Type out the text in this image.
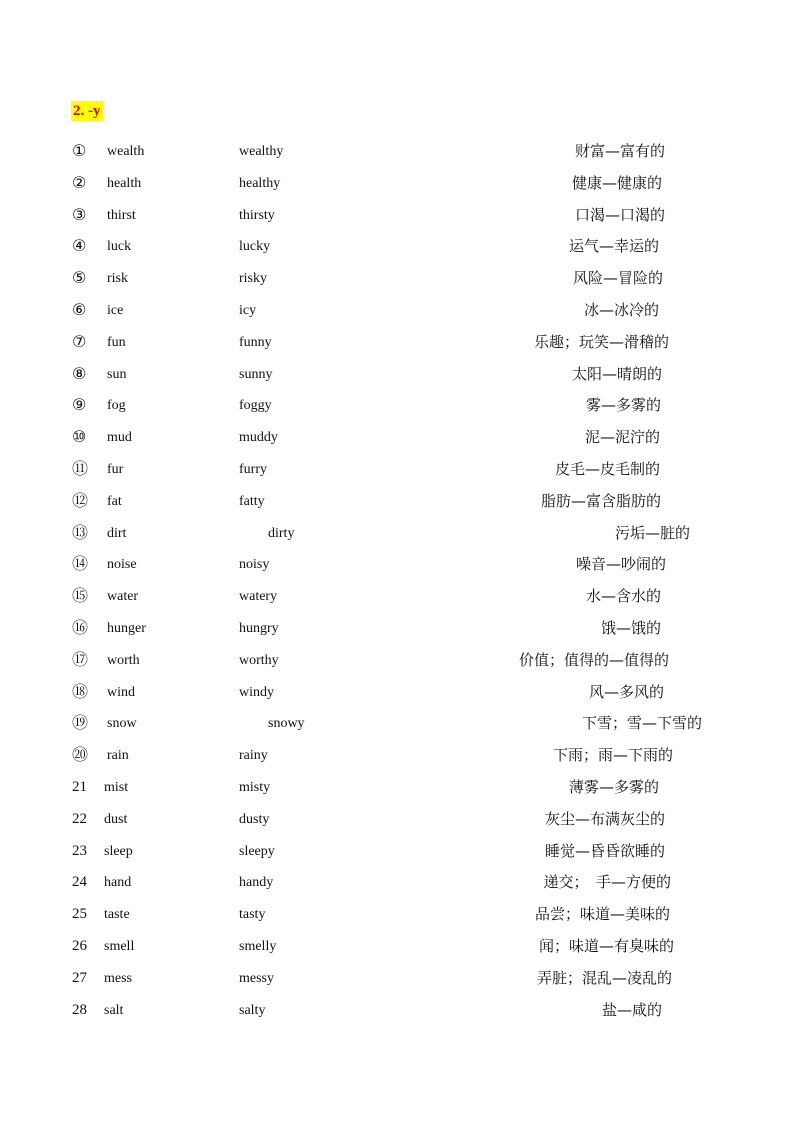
2. -y
①	wealth	wealthy	财富—富有的
②	health	healthy	健康—健康的
③	thirst	thirsty	口渴—口渴的
④	luck	lucky	运气—幸运的
⑤	risk	risky	风险—冒险的
⑥	ice	icy	冰—冰冷的
⑦	fun	funny	乐趣；玩笑—滑稽的
⑧	sun	sunny	太阳—晴朗的
⑨	fog	foggy	雾—多雾的
⑩	mud	muddy	泥—泥泞的
⑪ fur	furry	皮毛—皮毛制的
⑫ fat	fatty	脂肪—富含脂肪的
⑬ dirt	dirty	污垢—脏的
⑭ noise	noisy	噪音—吵闹的
⑮ water	watery	水—含水的
⑯ hunger	hungry	饿—饿的
⑰ worth	worthy	价值；值得的—值得的
⑱ wind	windy	风—多风的
⑲ snow	snowy	下雪；雪—下雪的
⑳ rain	rainy	下雨；雨—下雨的
21	mist	misty	薄雾—多雾的
22	dust	dusty	灰尘—布满灰尘的
23	sleep	sleepy	睡觉—昏昏欲睡的
24	hand	handy	递交；　手—方便的
25	taste	tasty	品尝；味道—美味的
26	smell	smelly	闻；味道—有臭味的
27	mess	messy	弄脏；混乱—凌乱的
28	salt	salty	盐—咸的
